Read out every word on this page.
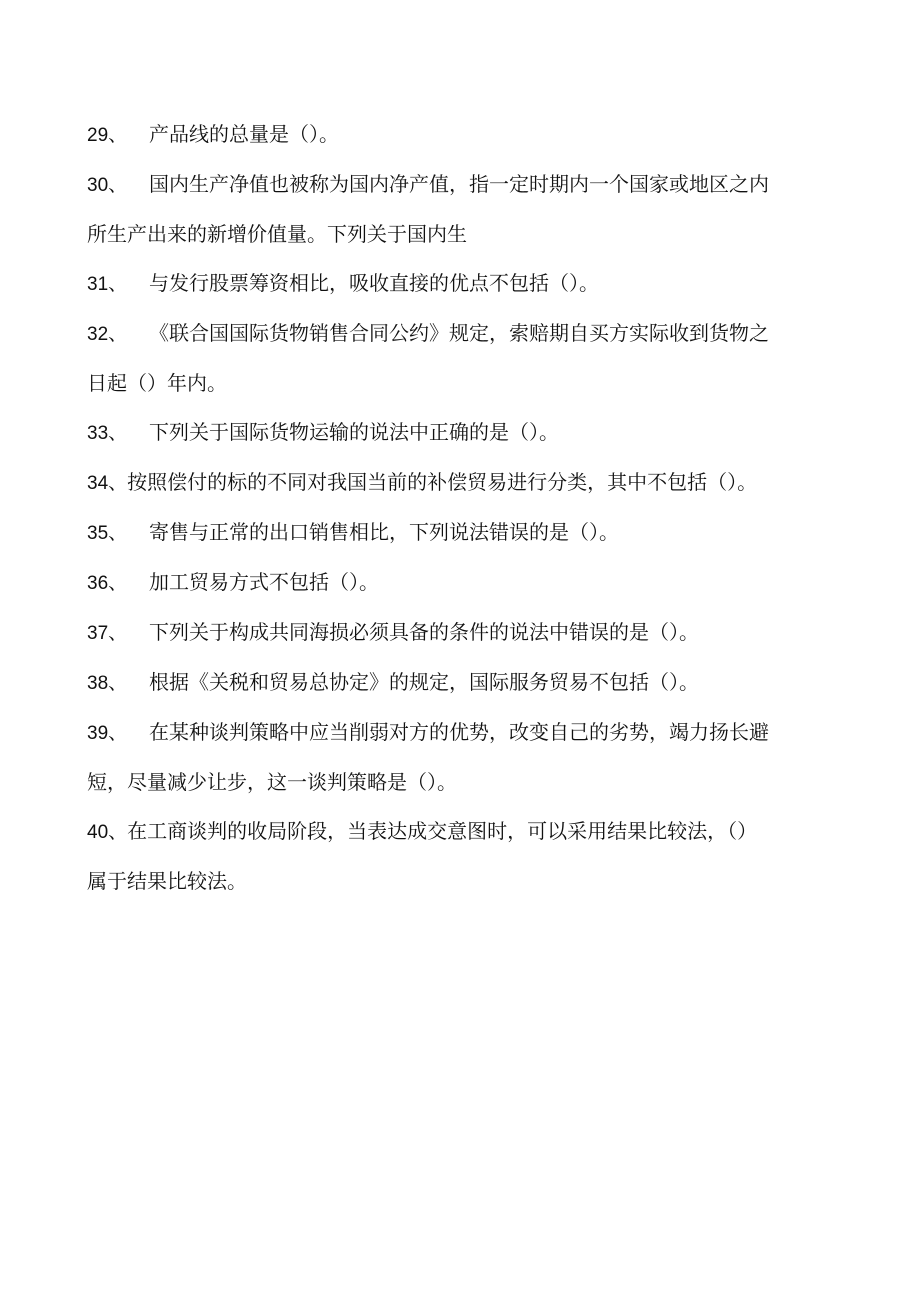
29、 产品线的总量是（）。
30、 国内生产净值也被称为国内净产值，指一定时期内一个国家或地区之内
所生产出来的新增价值量。下列关于国内生
31、 与发行股票筹资相比，吸收直接的优点不包括（）。
32、 《联合国国际货物销售合同公约》规定，索赔期自买方实际收到货物之
日起（）年内。
33、 下列关于国际货物运输的说法中正确的是（）。
34、按照偿付的标的不同对我国当前的补偿贸易进行分类，其中不包括（）。
35、 寄售与正常的出口销售相比，下列说法错误的是（）。
36、 加工贸易方式不包括（）。
37、 下列关于构成共同海损必须具备的条件的说法中错误的是（）。
38、 根据《关税和贸易总协定》的规定，国际服务贸易不包括（）。
39、 在某种谈判策略中应当削弱对方的优势，改变自己的劣势，竭力扬长避
短，尽量减少让步，这一谈判策略是（）。
40、在工商谈判的收局阶段，当表达成交意图时，可以采用结果比较法，（）
属于结果比较法。
